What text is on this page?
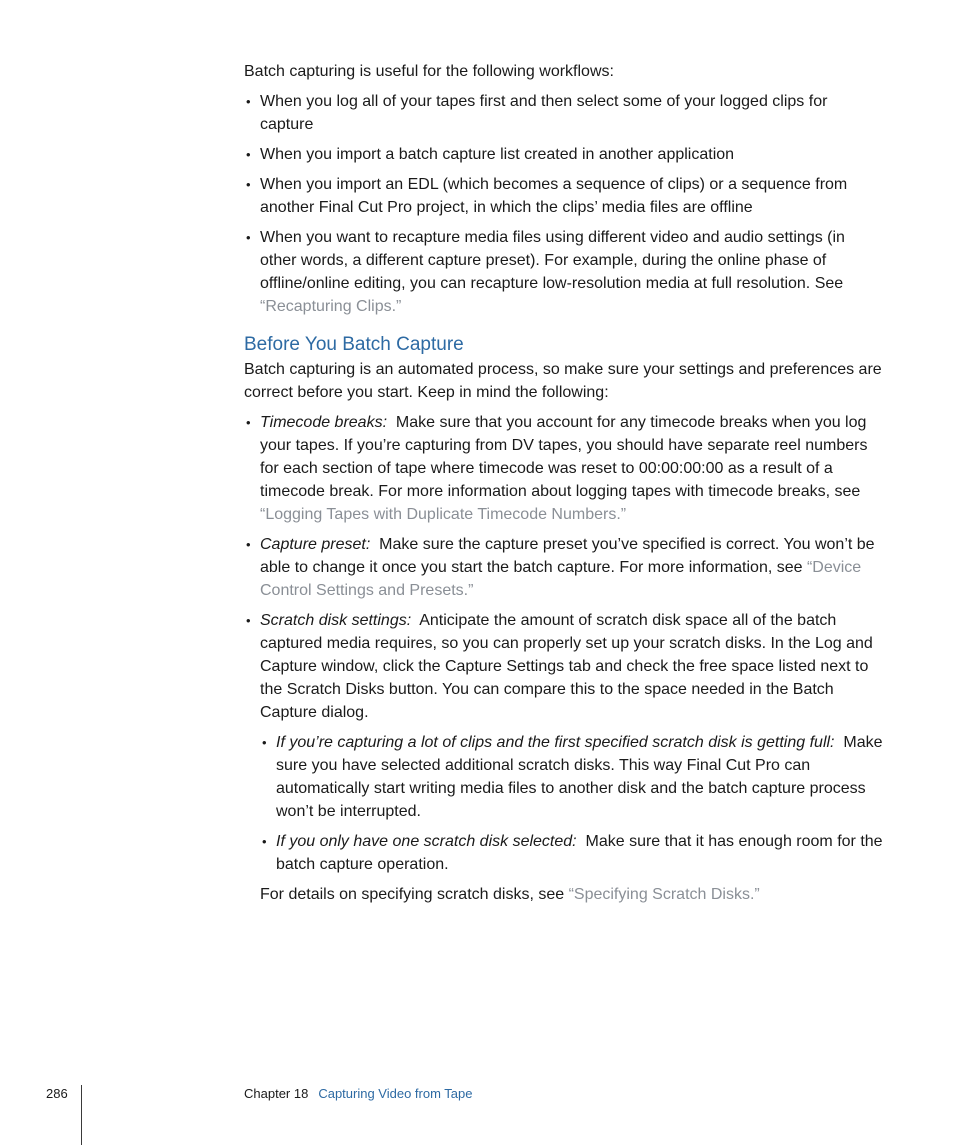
Batch capturing is useful for the following workflows:

• When you log all of your tapes first and then select some of your logged clips for capture
• When you import a batch capture list created in another application
• When you import an EDL (which becomes a sequence of clips) or a sequence from another Final Cut Pro project, in which the clips’ media files are offline
• When you want to recapture media files using different video and audio settings (in other words, a different capture preset). For example, during the online phase of offline/online editing, you can recapture low-resolution media at full resolution. See “Recapturing Clips.”
Before You Batch Capture

Batch capturing is an automated process, so make sure your settings and preferences are correct before you start. Keep in mind the following:

• Timecode breaks: Make sure that you account for any timecode breaks when you log your tapes. If you’re capturing from DV tapes, you should have separate reel numbers for each section of tape where timecode was reset to 00:00:00:00 as a result of a timecode break. For more information about logging tapes with timecode breaks, see “Logging Tapes with Duplicate Timecode Numbers.”
• Capture preset: Make sure the capture preset you’ve specified is correct. You won’t be able to change it once you start the batch capture. For more information, see “Device Control Settings and Presets.”
• Scratch disk settings: Anticipate the amount of scratch disk space all of the batch captured media requires, so you can properly set up your scratch disks. In the Log and Capture window, click the Capture Settings tab and check the free space listed next to the Scratch Disks button. You can compare this to the space needed in the Batch Capture dialog.
• If you’re capturing a lot of clips and the first specified scratch disk is getting full: Make sure you have selected additional scratch disks. This way Final Cut Pro can automatically start writing media files to another disk and the batch capture process won’t be interrupted.
• If you only have one scratch disk selected: Make sure that it has enough room for the batch capture operation.

For details on specifying scratch disks, see “Specifying Scratch Disks.”

286	Chapter 18 Capturing Video from Tape
